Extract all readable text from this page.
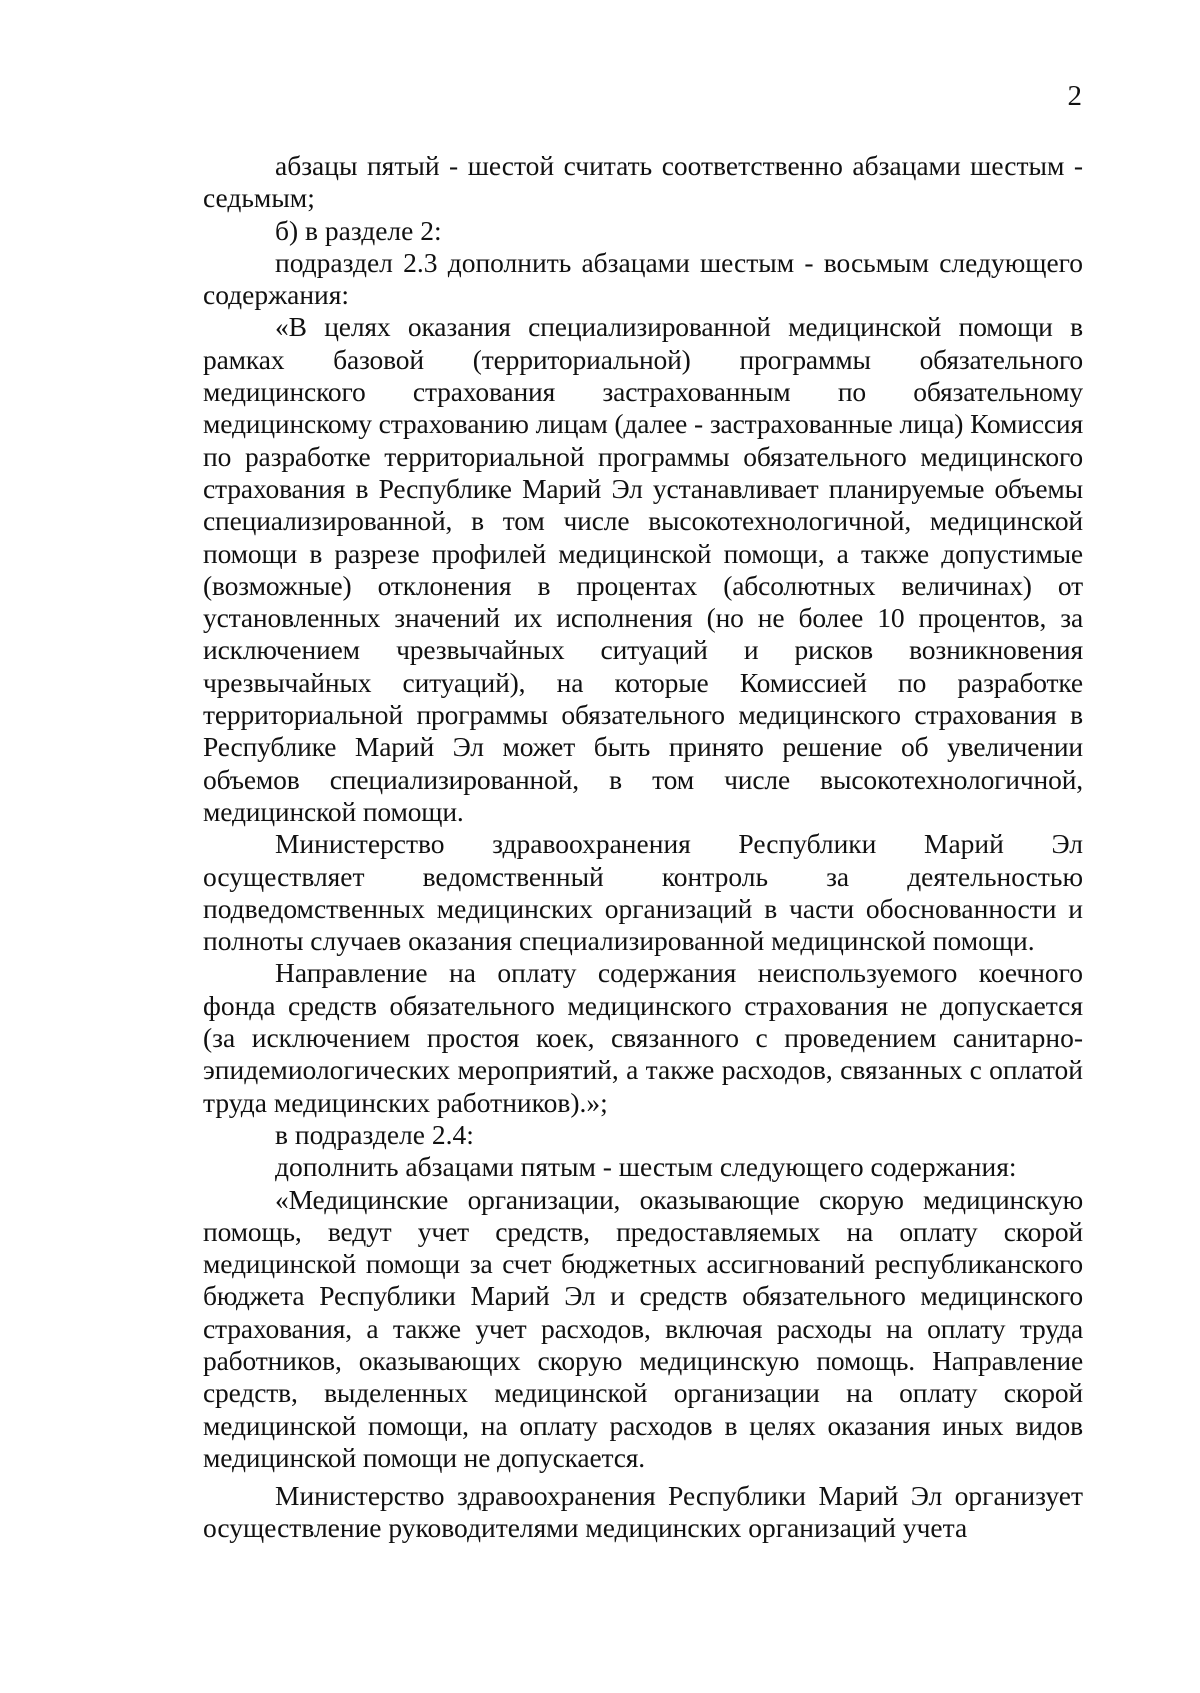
2

абзацы пятый - шестой считать соответственно абзацами шестым - седьмым;

б) в разделе 2:

подраздел 2.3 дополнить абзацами шестым - восьмым следующего содержания:

«В целях оказания специализированной медицинской помощи в рамках базовой (территориальной) программы обязательного медицинского страхования застрахованным по обязательному медицинскому страхованию лицам (далее - застрахованные лица) Комиссия по разработке территориальной программы обязательного медицинского страхования в Республике Марий Эл устанавливает планируемые объемы специализированной, в том числе высокотехнологичной, медицинской помощи в разрезе профилей медицинской помощи, а также допустимые (возможные) отклонения в процентах (абсолютных величинах) от установленных значений их исполнения (но не более 10 процентов, за исключением чрезвычайных ситуаций и рисков возникновения чрезвычайных ситуаций), на которые Комиссией по разработке территориальной программы обязательного медицинского страхования в Республике Марий Эл может быть принято решение об увеличении объемов специализированной, в том числе высокотехнологичной, медицинской помощи.

Министерство здравоохранения Республики Марий Эл осуществляет ведомственный контроль за деятельностью подведомственных медицинских организаций в части обоснованности и полноты случаев оказания специализированной медицинской помощи.

Направление на оплату содержания неиспользуемого коечного фонда средств обязательного медицинского страхования не допускается (за исключением простоя коек, связанного с проведением санитарно-эпидемиологических мероприятий, а также расходов, связанных с оплатой труда медицинских работников).»;

в подразделе 2.4:

дополнить абзацами пятым - шестым следующего содержания:

«Медицинские организации, оказывающие скорую медицинскую помощь, ведут учет средств, предоставляемых на оплату скорой медицинской помощи за счет бюджетных ассигнований республиканского бюджета Республики Марий Эл и средств обязательного медицинского страхования, а также учет расходов, включая расходы на оплату труда работников, оказывающих скорую медицинскую помощь. Направление средств, выделенных медицинской организации на оплату скорой медицинской помощи, на оплату расходов в целях оказания иных видов медицинской помощи не допускается.

Министерство здравоохранения Республики Марий Эл организует осуществление руководителями медицинских организаций учета
